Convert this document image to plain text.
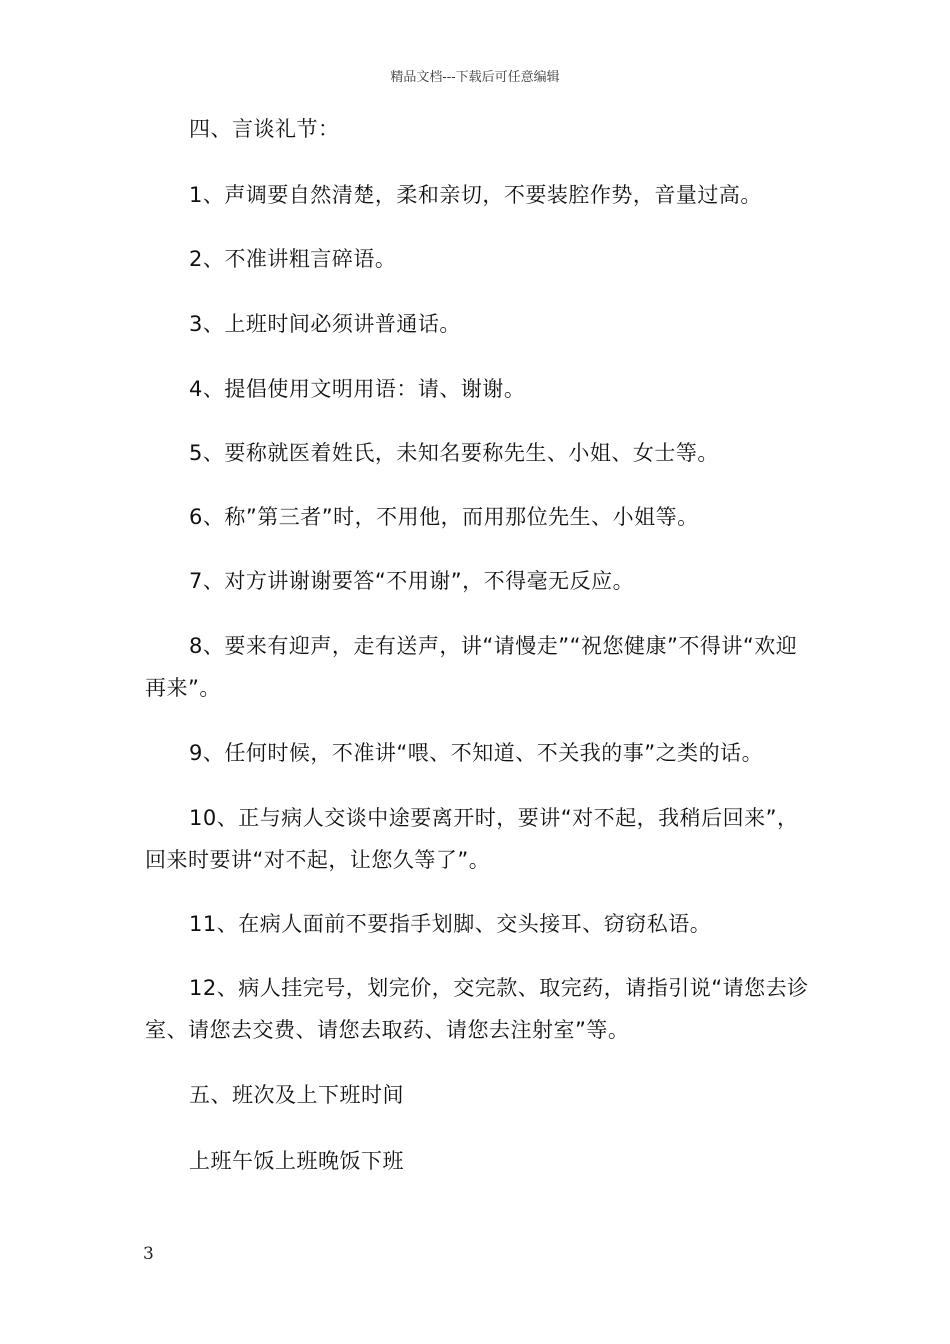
精品文档---下载后可任意编辑

四、言谈礼节：

1、声调要自然清楚，柔和亲切，不要装腔作势，音量过高。

2、不准讲粗言碎语。

3、上班时间必须讲普通话。

4、提倡使用文明用语：请、谢谢。

5、要称就医着姓氏，未知名要称先生、小姐、女士等。

6、称”第三者”时，不用他，而用那位先生、小姐等。

7、对方讲谢谢要答“不用谢”，不得毫无反应。

8、要来有迎声，走有送声，讲“请慢走”“祝您健康”不得讲“欢迎再来”。

9、任何时候，不准讲“喂、不知道、不关我的事”之类的话。

10、正与病人交谈中途要离开时，要讲“对不起，我稍后回来”，回来时要讲“对不起，让您久等了”。

11、在病人面前不要指手划脚、交头接耳、窃窃私语。

12、病人挂完号，划完价，交完款、取完药，请指引说“请您去诊室、请您去交费、请您去取药、请您去注射室”等。

五、班次及上下班时间

上班午饭上班晚饭下班

3
